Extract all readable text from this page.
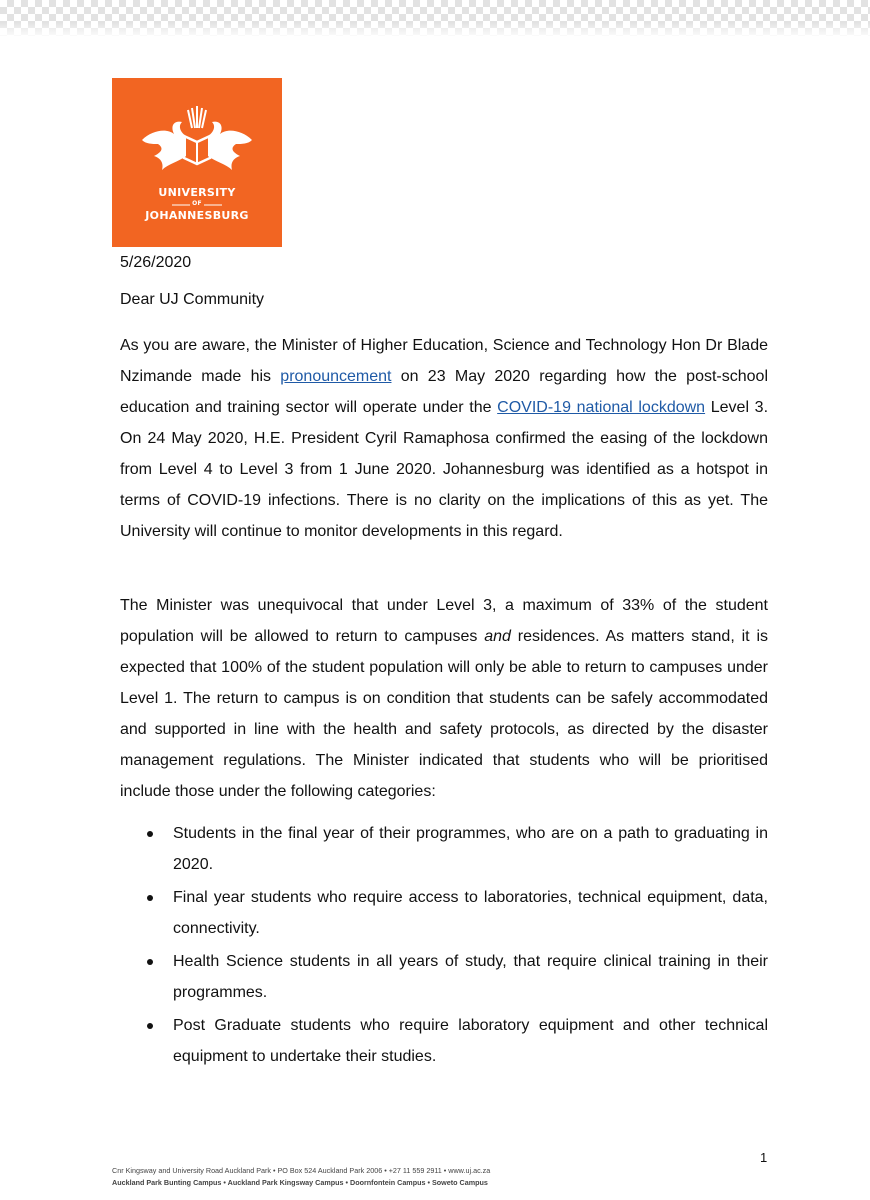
UNIVERSITY
OF
JOHANNESBURG
5/26/2020
Dear UJ Community

As you are aware, the Minister of Higher Education, Science and Technology Hon Dr Blade Nzimande made his pronouncement on 23 May 2020 regarding how the post-school education and training sector will operate under the COVID-19 national lockdown Level 3. On 24 May 2020, H.E. President Cyril Ramaphosa confirmed the easing of the lockdown from Level 4 to Level 3 from 1 June 2020. Johannesburg was identified as a hotspot in terms of COVID-19 infections. There is no clarity on the implications of this as yet. The University will continue to monitor developments in this regard.

The Minister was unequivocal that under Level 3, a maximum of 33% of the student population will be allowed to return to campuses and residences. As matters stand, it is expected that 100% of the student population will only be able to return to campuses under Level 1. The return to campus is on condition that students can be safely accommodated and supported in line with the health and safety protocols, as directed by the disaster management regulations. The Minister indicated that students who will be prioritised include those under the following categories:

Students in the final year of their programmes, who are on a path to graduating in 2020.
Final year students who require access to laboratories, technical equipment, data, connectivity.
Health Science students in all years of study, that require clinical training in their programmes.
Post Graduate students who require laboratory equipment and other technical equipment to undertake their studies.
1
Cnr Kingsway and University Road Auckland Park • PO Box 524 Auckland Park 2006 • +27 11 559 2911 • www.uj.ac.za
Auckland Park Bunting Campus • Auckland Park Kingsway Campus • Doornfontein Campus • Soweto Campus
